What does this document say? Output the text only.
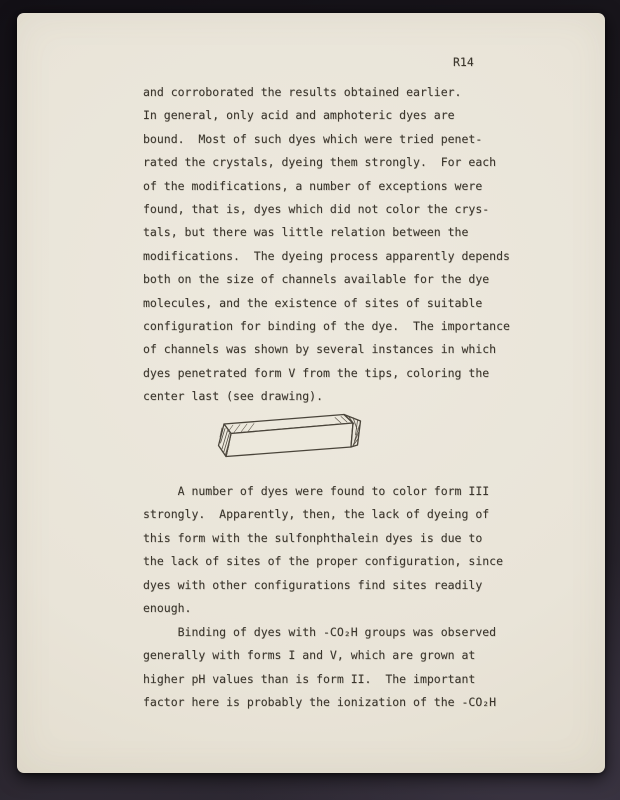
R14
and corroborated the results obtained earlier.
In general, only acid and amphoteric dyes are
bound.  Most of such dyes which were tried penet-
rated the crystals, dyeing them strongly.  For each
of the modifications, a number of exceptions were
found, that is, dyes which did not color the crys-
tals, but there was little relation between the
modifications.  The dyeing process apparently depends
both on the size of channels available for the dye
molecules, and the existence of sites of suitable
configuration for binding of the dye.  The importance
of channels was shown by several instances in which
dyes penetrated form V from the tips, coloring the
center last (see drawing).
A number of dyes were found to color form III
strongly.  Apparently, then, the lack of dyeing of
this form with the sulfonphthalein dyes is due to
the lack of sites of the proper configuration, since
dyes with other configurations find sites readily
enough.
Binding of dyes with -CO₂H groups was observed
generally with forms I and V, which are grown at
higher pH values than is form II.  The important
factor here is probably the ionization of the -CO₂H
